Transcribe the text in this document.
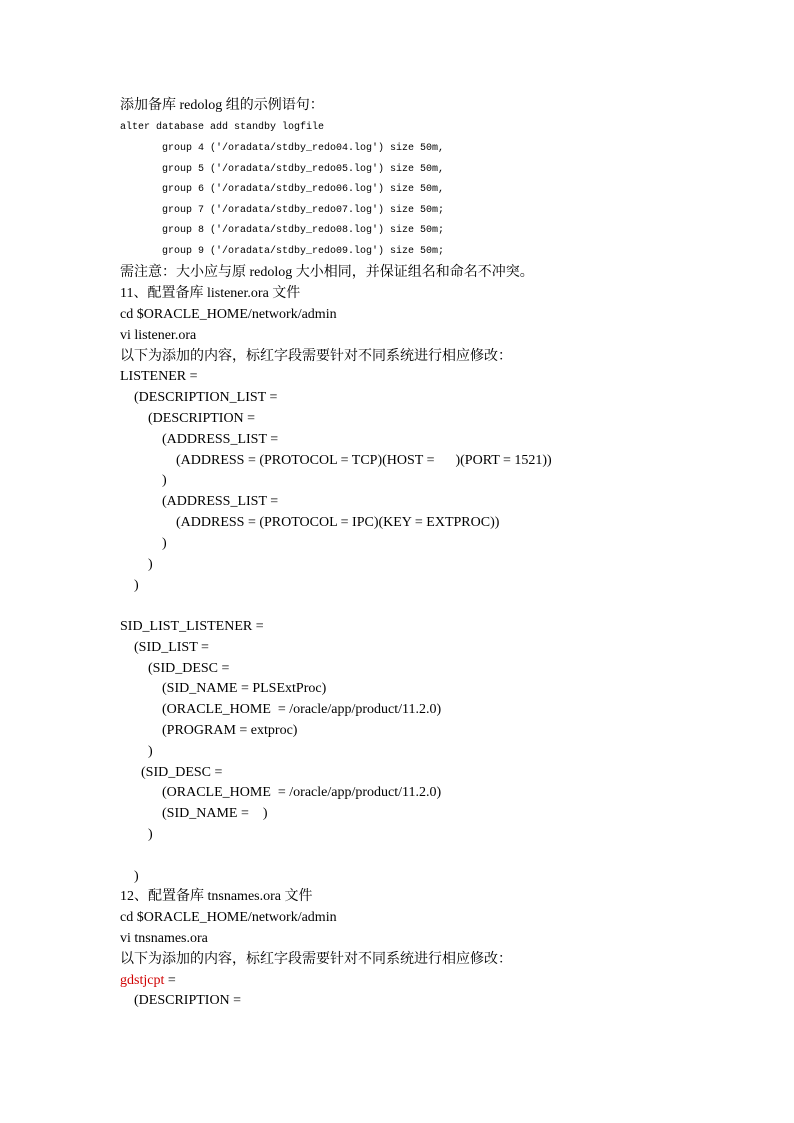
添加备库 redolog 组的示例语句：
alter database add standby logfile
group 4 ('/oradata/stdby_redo04.log') size 50m,
group 5 ('/oradata/stdby_redo05.log') size 50m,
group 6 ('/oradata/stdby_redo06.log') size 50m,
group 7 ('/oradata/stdby_redo07.log') size 50m;
group 8 ('/oradata/stdby_redo08.log') size 50m;
group 9 ('/oradata/stdby_redo09.log') size 50m;
需注意：大小应与原 redolog 大小相同，并保证组名和命名不冲突。
11、配置备库 listener.ora 文件
cd $ORACLE_HOME/network/admin
vi listener.ora
以下为添加的内容，标红字段需要针对不同系统进行相应修改：
LISTENER =
(DESCRIPTION_LIST =
(DESCRIPTION =
(ADDRESS_LIST =
(ADDRESS = (PROTOCOL = TCP)(HOST =      )(PORT = 1521))
)
(ADDRESS_LIST =
(ADDRESS = (PROTOCOL = IPC)(KEY = EXTPROC))
)
)
)
SID_LIST_LISTENER =
(SID_LIST =
(SID_DESC =
(SID_NAME = PLSExtProc)
(ORACLE_HOME  = /oracle/app/product/11.2.0)
(PROGRAM = extproc)
)
(SID_DESC =
(ORACLE_HOME  = /oracle/app/product/11.2.0)
(SID_NAME =    )
)
)
12、配置备库 tnsnames.ora 文件
cd $ORACLE_HOME/network/admin
vi tnsnames.ora
以下为添加的内容，标红字段需要针对不同系统进行相应修改：
gdstjcpt =
(DESCRIPTION =
